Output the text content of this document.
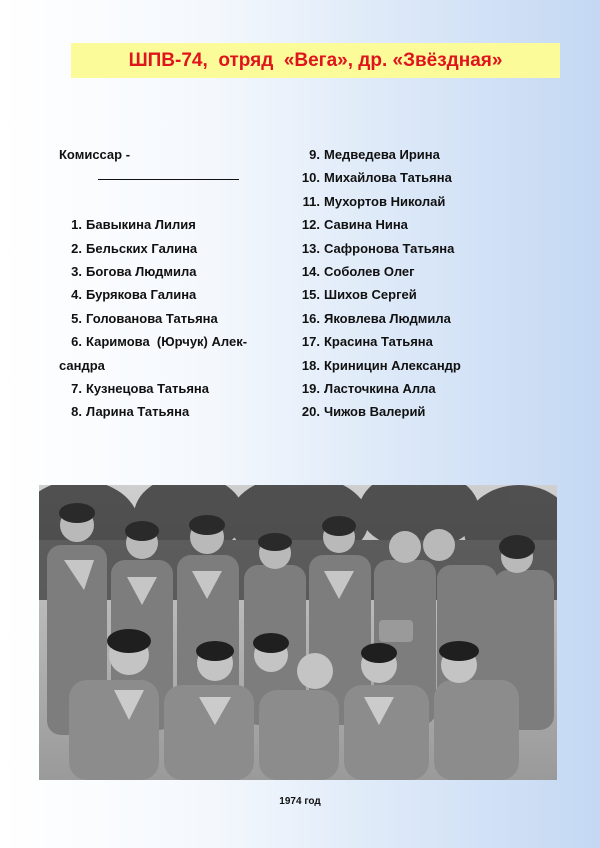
ШПВ-74,  отряд  «Вега», др. «Звёздная»
Комиссар -
1. Бавыкина Лилия
2. Бельских Галина
3. Богова Людмила
4. Бурякова Галина
5. Голованова Татьяна
6. Каримова  (Юрчук) Алек-
сандра
7. Кузнецова Татьяна
8. Ларина Татьяна
9. Медведева Ирина
10. Михайлова Татьяна
11. Мухортов Николай
12. Савина Нина
13. Сафронова Татьяна
14. Соболев Олег
15. Шихов Сергей
16. Яковлева Людмила
17. Красина Татьяна
18. Криницин Александр
19. Ласточкина Алла
20. Чижов Валерий
1974 год
